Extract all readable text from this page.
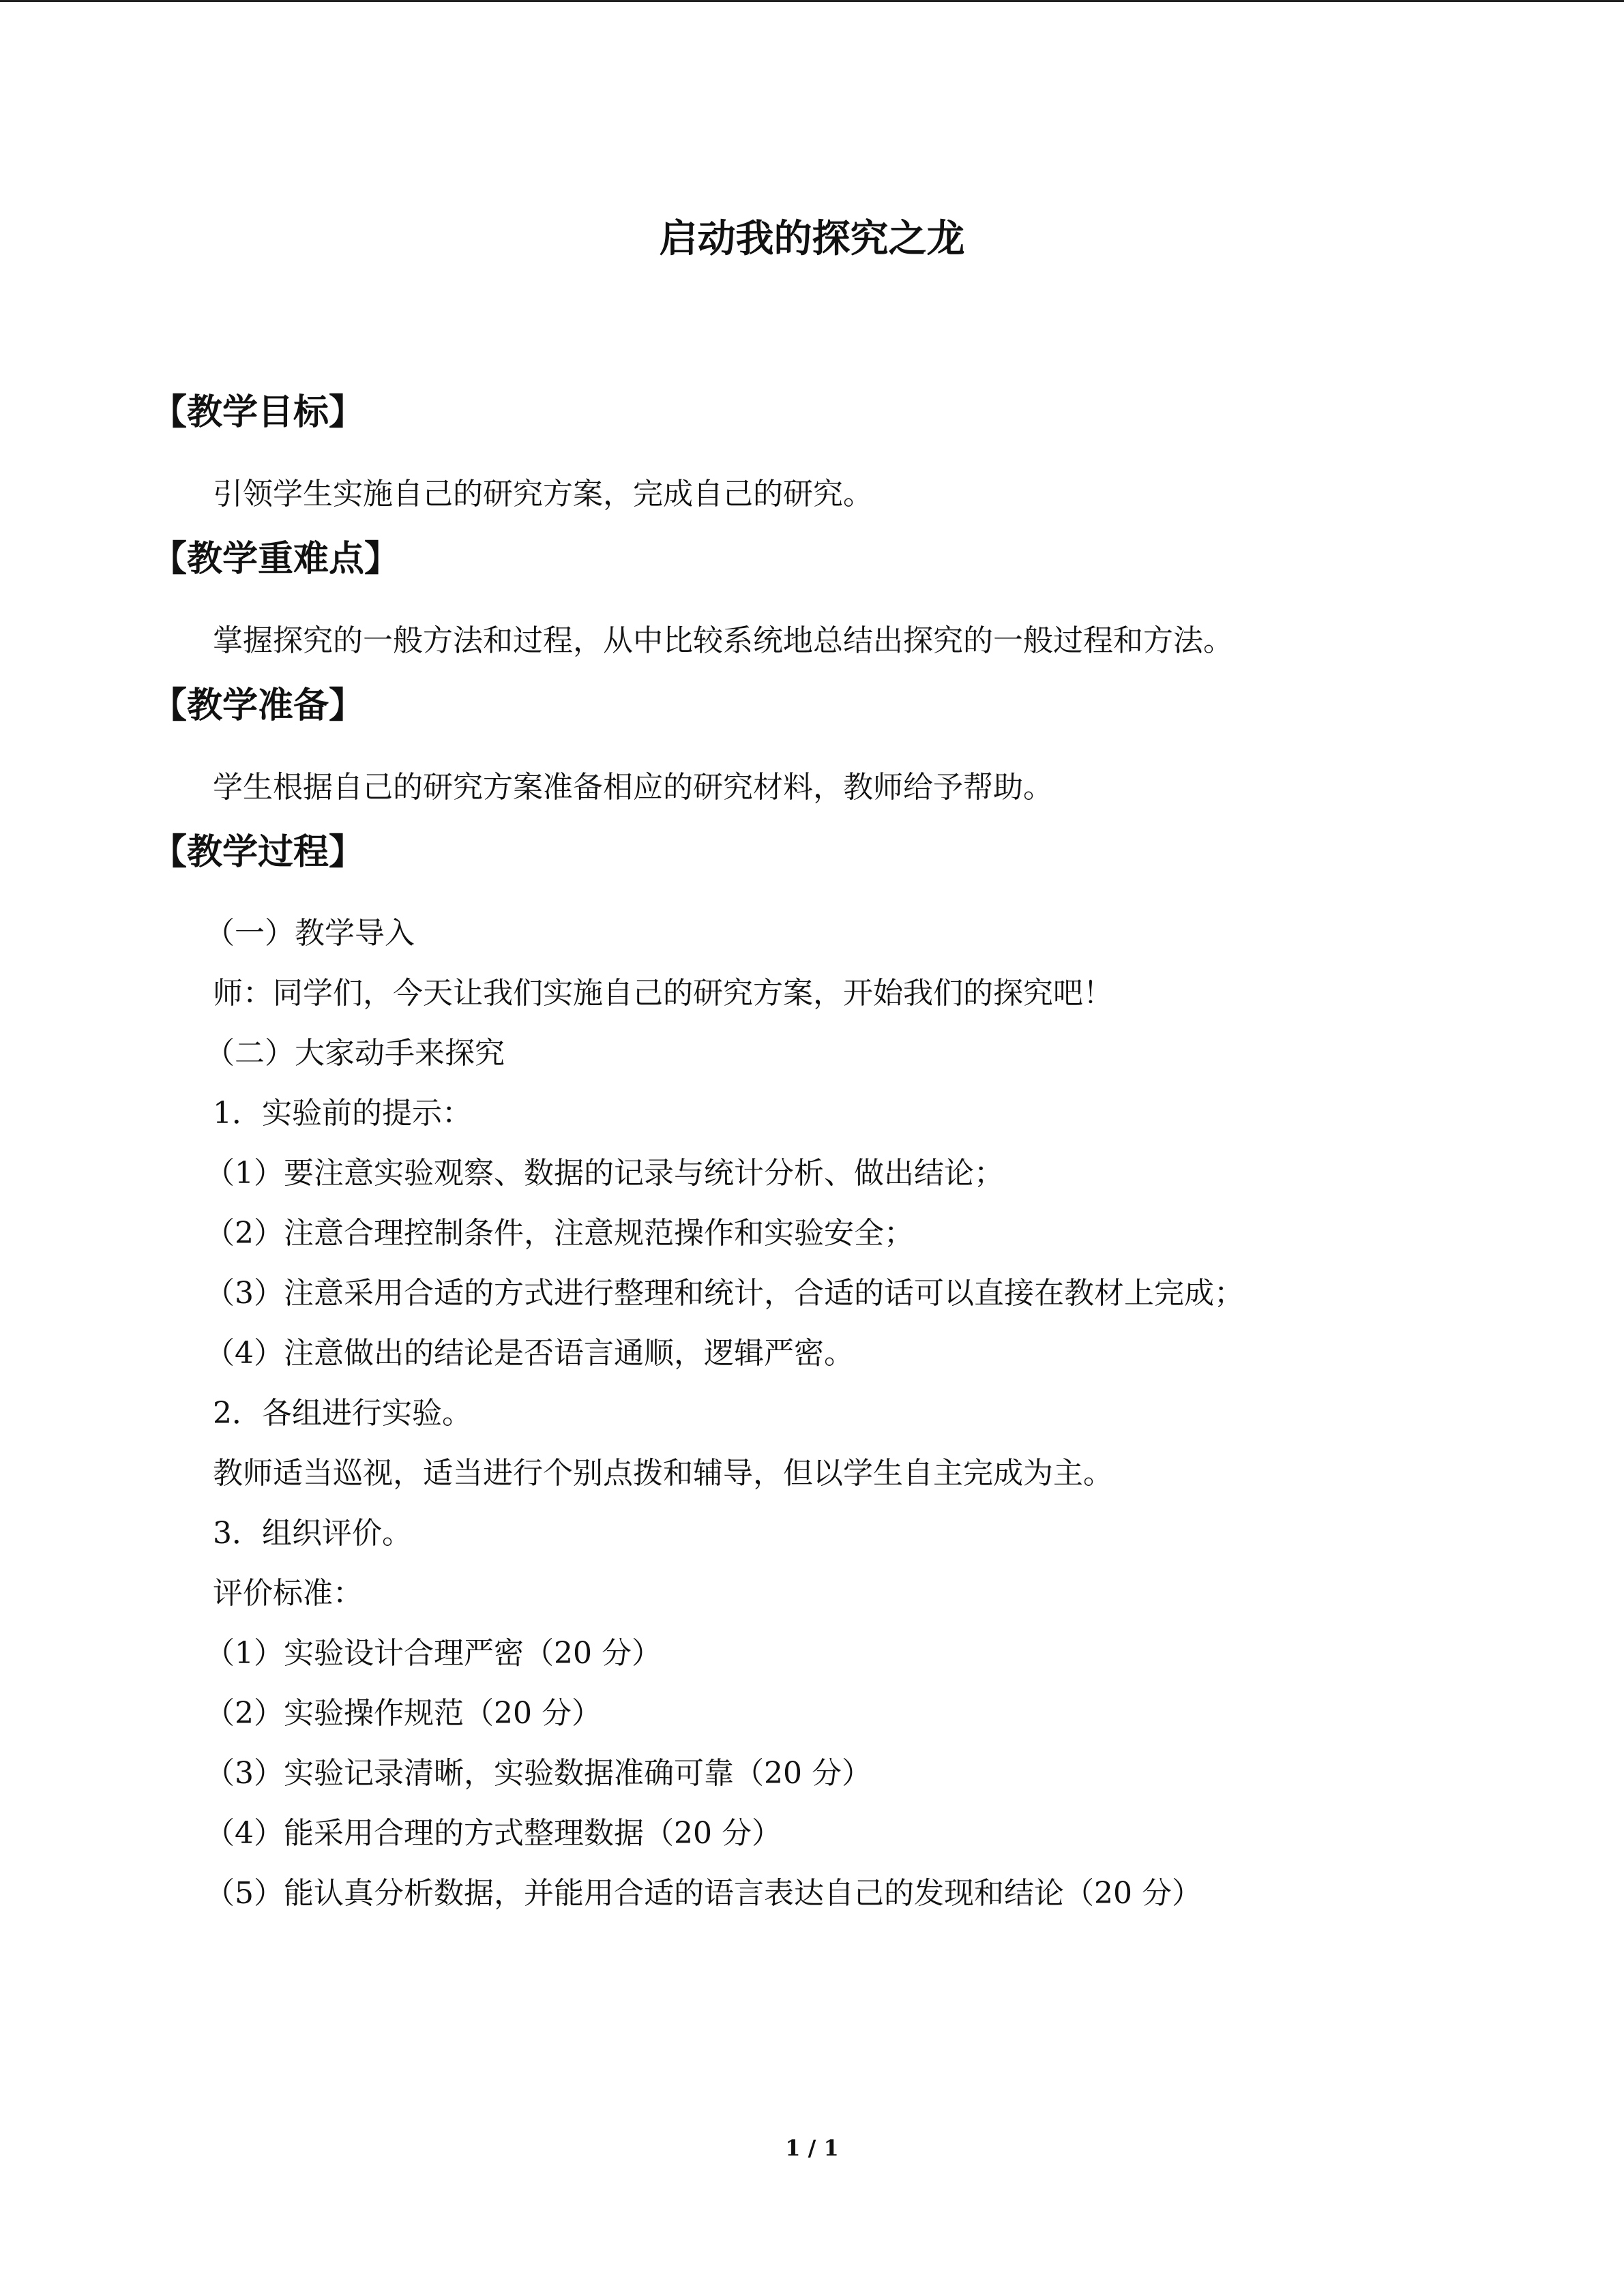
启动我的探究之龙
【教学目标】

引领学生实施自己的研究方案，完成自己的研究。

【教学重难点】

掌握探究的一般方法和过程，从中比较系统地总结出探究的一般过程和方法。

【教学准备】

学生根据自己的研究方案准备相应的研究材料，教师给予帮助。

【教学过程】

（一）教学导入

师：同学们，今天让我们实施自己的研究方案，开始我们的探究吧！

（二）大家动手来探究

1．实验前的提示：

（1）要注意实验观察、数据的记录与统计分析、做出结论；

（2）注意合理控制条件，注意规范操作和实验安全；

（3）注意采用合适的方式进行整理和统计，合适的话可以直接在教材上完成；

（4）注意做出的结论是否语言通顺，逻辑严密。

2．各组进行实验。

教师适当巡视，适当进行个别点拨和辅导，但以学生自主完成为主。

3．组织评价。

评价标准：

（1）实验设计合理严密（20 分）

（2）实验操作规范（20 分）

（3）实验记录清晰，实验数据准确可靠（20 分）

（4）能采用合理的方式整理数据（20 分）

（5）能认真分析数据，并能用合适的语言表达自己的发现和结论（20 分）

1 / 1
